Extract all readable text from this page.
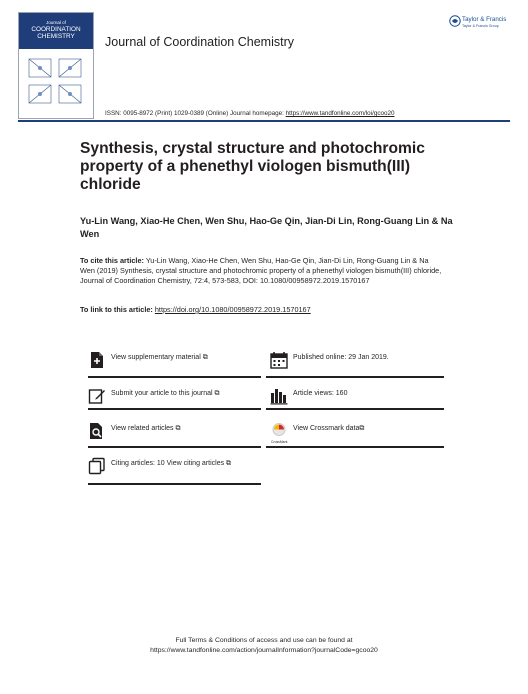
Journal of
COORDINATION
CHEMISTRY	Journal of Coordination Chemistry
Taylor & Francis
Taylor & Francis Group
ISSN: 0095-8972 (Print) 1029-0389 (Online) Journal homepage: https://www.tandfonline.com/loi/gcoo20
Synthesis, crystal structure and photochromic property of a phenethyl viologen bismuth(III) chloride
Yu-Lin Wang, Xiao-He Chen, Wen Shu, Hao-Ge Qin, Jian-Di Lin, Rong-Guang Lin & Na Wen
To cite this article: Yu-Lin Wang, Xiao-He Chen, Wen Shu, Hao-Ge Qin, Jian-Di Lin, Rong-Guang Lin & Na Wen (2019) Synthesis, crystal structure and photochromic property of a phenethyl viologen bismuth(III) chloride, Journal of Coordination Chemistry, 72:4, 573-583, DOI: 10.1080/00958972.2019.1570167
To link to this article: https://doi.org/10.1080/00958972.2019.1570167
View supplementary material ⧉
Submit your article to this journal ⧉
View related articles ⧉
Citing articles: 10 View citing articles ⧉
Published online: 29 Jan 2019.
Article views: 160
CrossMark
View Crossmark data⧉
Full Terms & Conditions of access and use can be found at
https://www.tandfonline.com/action/journalInformation?journalCode=gcoo20
